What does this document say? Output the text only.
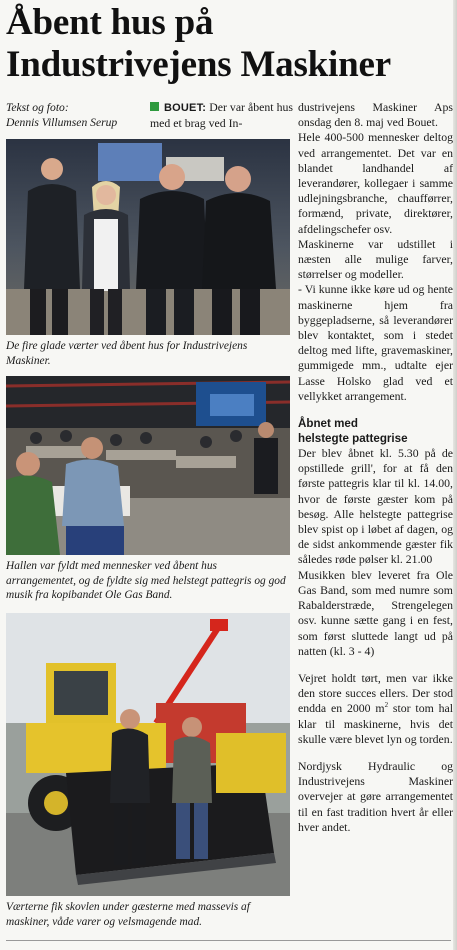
Åbent hus på
Industrivejens Maskiner
Tekst og foto:
Dennis Villumsen Serup
De fire glade værter ved åbent hus for Industrivejens Maskiner.
Hallen var fyldt med mennesker ved åbent hus arrangementet, og de fyldte sig med helstegt pattegris og god musik fra kopibandet Ole Gas Band.
Værterne fik skovlen under gæsterne med massevis af maskiner, våde varer og velsmagende mad.

BOUET: Der var åbent hus med et brag ved In-

dustrivejens Maskiner Aps onsdag den 8. maj ved Bouet.

Hele 400-500 mennesker deltog ved arrangementet. Det var en blandet landhandel af leverandører, kollegaer i samme udlejningsbranche, chaufførrer, formænd, private, direktører, afdelingschefer osv.

Maskinerne var udstillet i næsten alle mulige farver, størrelser og modeller.

- Vi kunne ikke køre ud og hente maskinerne hjem fra byggepladserne, så leverandører blev kontaktet, som i stedet deltog med lifte, gravemaskiner, gummigede mm., udtalte ejer Lasse Holsko glad ved et vellykket arrangement.

Åbnet med

helstegte pattegrise

Der blev åbnet kl. 5.30 på de opstillede grill', for at få den første pattegris klar til kl. 14.00, hvor de første gæster kom på besøg. Alle helstegte pattegrise blev spist op i løbet af dagen, og de sidst ankommende gæster fik således røde pølser kl. 21.00

Musikken blev leveret fra Ole Gas Band, som med numre som Rabalderstræde, Strengelegen osv. kunne sætte gang i en fest, som først sluttede langt ud på natten (kl. 3 - 4)

Vejret holdt tørt, men var ikke den store succes ellers. Der stod endda en 2000 $m^2$ stor tom hal klar til maskinerne, hvis det skulle være blevet lyn og torden.

Nordjysk Hydraulic og Industrivejens Maskiner overvejer at gøre arrangementet til en fast tradition hvert år eller hver andet.
